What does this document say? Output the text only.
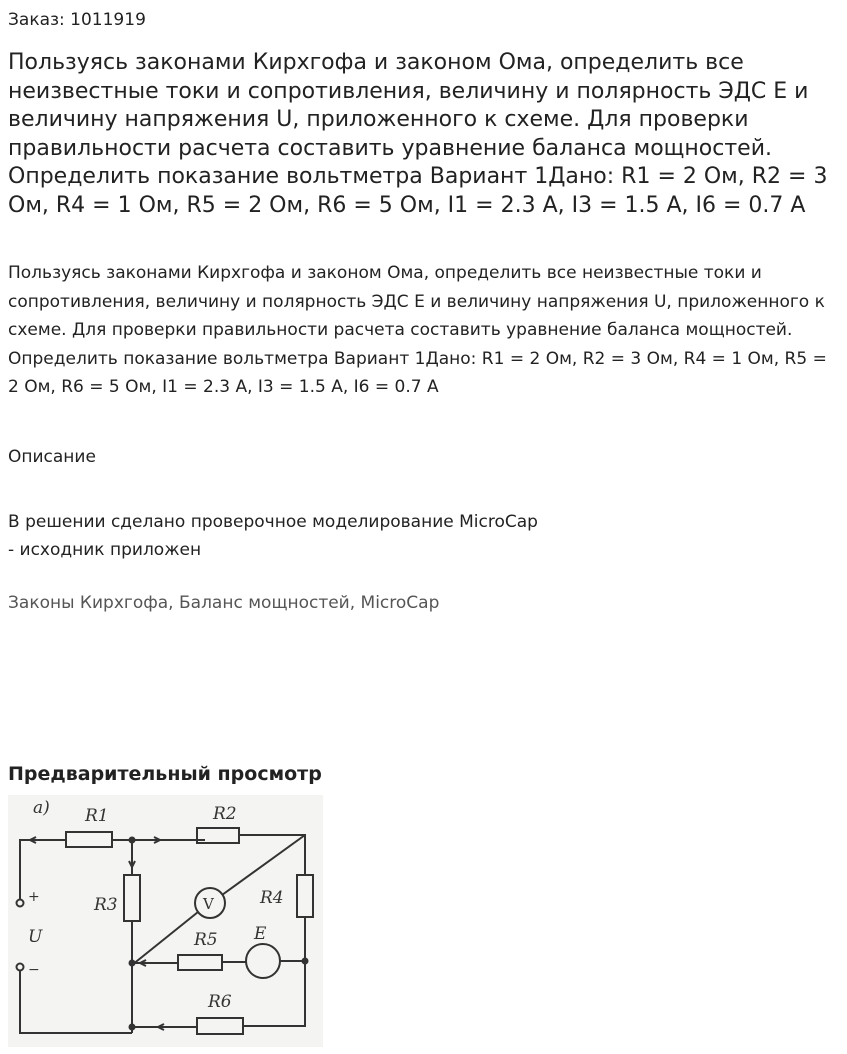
Заказ: 1011919
Пользуясь законами Кирхгофа и законом Ома, определить все неизвестные токи и сопротивления, величину и полярность ЭДС E и величину напряжения U, приложенного к схеме. Для проверки правильности расчета составить уравнение баланса мощностей. Определить показание вольтметра Вариант 1Дано: R1 = 2 Ом, R2 = 3 Ом, R4 = 1 Ом, R5 = 2 Ом, R6 = 5 Ом, I1 = 2.3 A, I3 = 1.5 A, I6 = 0.7 A

Пользуясь законами Кирхгофа и законом Ома, определить все неизвестные токи и сопротивления, величину и полярность ЭДС E и величину напряжения U, приложенного к схеме. Для проверки правильности расчета составить уравнение баланса мощностей. Определить показание вольтметра Вариант 1Дано: R1 = 2 Ом, R2 = 3 Ом, R4 = 1 Ом, R5 = 2 Ом, R6 = 5 Ом, I1 = 2.3 A, I3 = 1.5 A, I6 = 0.7 A

Описание
В решении сделано проверочное моделирование MicroCap
- исходник приложен
Законы Кирхгофа, Баланс мощностей, MicroCap
Предварительный просмотр
а) R1	R2
R3	R4
R5 E
R6
U
V
+
−
